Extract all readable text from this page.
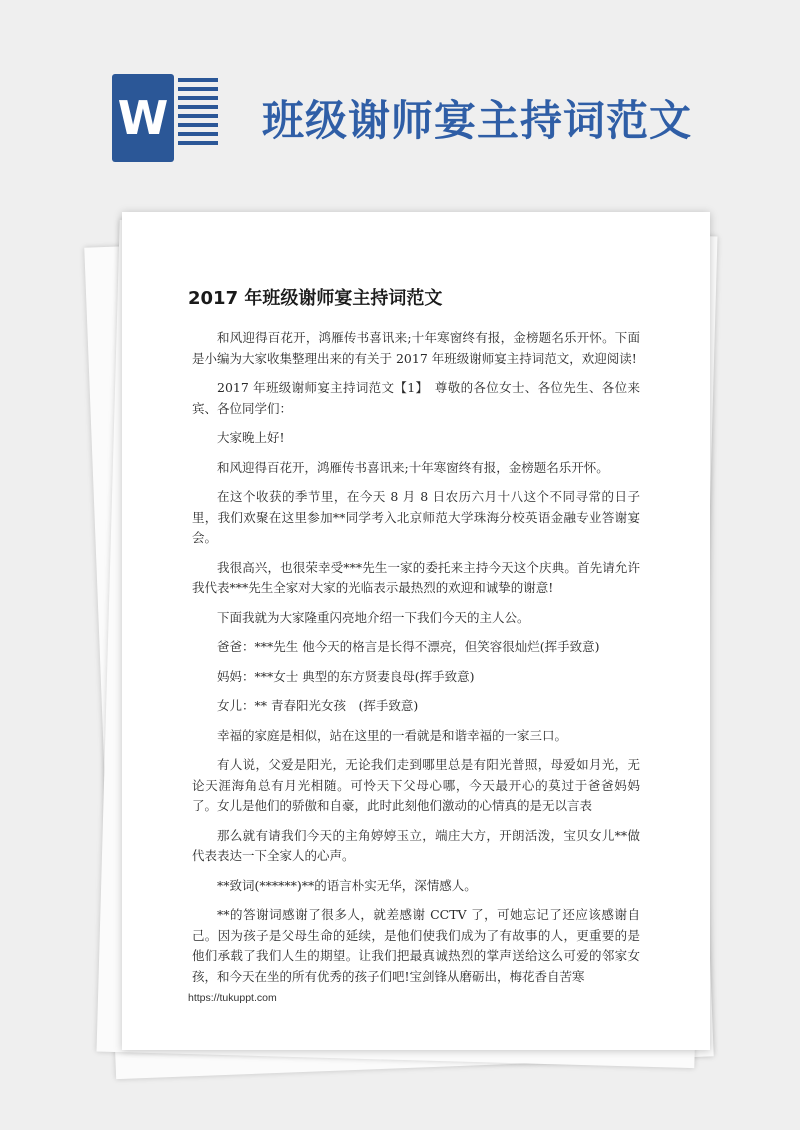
W 班级谢师宴主持词范文
2017 年班级谢师宴主持词范文

和风迎得百花开，鸿雁传书喜讯来;十年寒窗终有报，金榜题名乐开怀。下面是小编为大家收集整理出来的有关于 2017 年班级谢师宴主持词范文，欢迎阅读!

2017 年班级谢师宴主持词范文【1】　尊敬的各位女士、各位先生、各位来宾、各位同学们：

大家晚上好!

和风迎得百花开，鸿雁传书喜讯来;十年寒窗终有报，金榜题名乐开怀。

在这个收获的季节里，在今天 8 月 8 日农历六月十八这个不同寻常的日子里，我们欢聚在这里参加**同学考入北京师范大学珠海分校英语金融专业答谢宴会。

我很高兴，也很荣幸受***先生一家的委托来主持今天这个庆典。首先请允许我代表***先生全家对大家的光临表示最热烈的欢迎和诚挚的谢意!

下面我就为大家隆重闪亮地介绍一下我们今天的主人公。

爸爸：***先生 他今天的格言是长得不漂亮，但笑容很灿烂(挥手致意)

妈妈：***女士 典型的东方贤妻良母(挥手致意)

女儿：** 青春阳光女孩　(挥手致意)

幸福的家庭是相似，站在这里的一看就是和谐幸福的一家三口。

有人说，父爱是阳光，无论我们走到哪里总是有阳光普照，母爱如月光，无论天涯海角总有月光相随。可怜天下父母心哪，今天最开心的莫过于爸爸妈妈了。女儿是他们的骄傲和自豪，此时此刻他们激动的心情真的是无以言表

那么就有请我们今天的主角婷婷玉立，端庄大方，开朗活泼，宝贝女儿**做代表表达一下全家人的心声。

**致词(******)**的语言朴实无华，深情感人。

**的答谢词感谢了很多人，就差感谢 CCTV 了，可她忘记了还应该感谢自己。因为孩子是父母生命的延续，是他们使我们成为了有故事的人，更重要的是他们承载了我们人生的期望。让我们把最真诚热烈的掌声送给这么可爱的邻家女孩，和今天在坐的所有优秀的孩子们吧!宝剑锋从磨砺出，梅花香自苦寒

https://tukuppt.com
